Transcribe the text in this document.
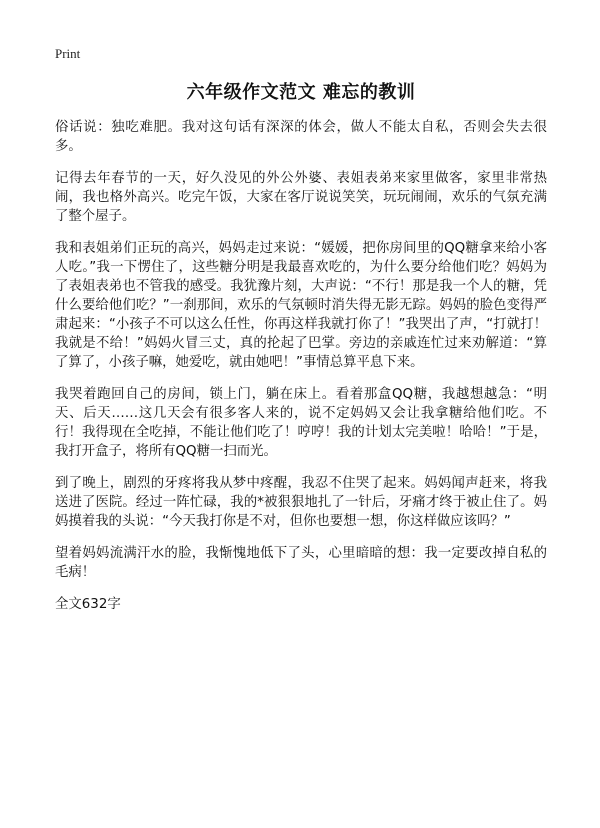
Print
六年级作文范文 难忘的教训

俗话说：独吃难肥。我对这句话有深深的体会，做人不能太自私，否则会失去很多。

记得去年春节的一天，好久没见的外公外婆、表姐表弟来家里做客，家里非常热闹，我也格外高兴。吃完午饭，大家在客厅说说笑笑，玩玩闹闹，欢乐的气氛充满了整个屋子。

我和表姐弟们正玩的高兴，妈妈走过来说：“媛媛，把你房间里的QQ糖拿来给小客人吃。”我一下愣住了，这些糖分明是我最喜欢吃的，为什么要分给他们吃？妈妈为了表姐表弟也不管我的感受。我犹豫片刻，大声说：“不行！那是我一个人的糖，凭什么要给他们吃？”一刹那间，欢乐的气氛顿时消失得无影无踪。妈妈的脸色变得严肃起来：“小孩子不可以这么任性，你再这样我就打你了！”我哭出了声，“打就打！我就是不给！”妈妈火冒三丈，真的抡起了巴掌。旁边的亲戚连忙过来劝解道：“算了算了，小孩子嘛，她爱吃，就由她吧！”事情总算平息下来。

我哭着跑回自己的房间，锁上门，躺在床上。看着那盒QQ糖，我越想越急：“明天、后天……这几天会有很多客人来的，说不定妈妈又会让我拿糖给他们吃。不行！我得现在全吃掉，不能让他们吃了！哼哼！我的计划太完美啦！哈哈！”于是，我打开盒子，将所有QQ糖一扫而光。

到了晚上，剧烈的牙疼将我从梦中疼醒，我忍不住哭了起来。妈妈闻声赶来，将我送进了医院。经过一阵忙碌，我的*被狠狠地扎了一针后，牙痛才终于被止住了。妈妈摸着我的头说：“今天我打你是不对，但你也要想一想，你这样做应该吗？”

望着妈妈流满汗水的脸，我惭愧地低下了头，心里暗暗的想：我一定要改掉自私的毛病！

全文632字
